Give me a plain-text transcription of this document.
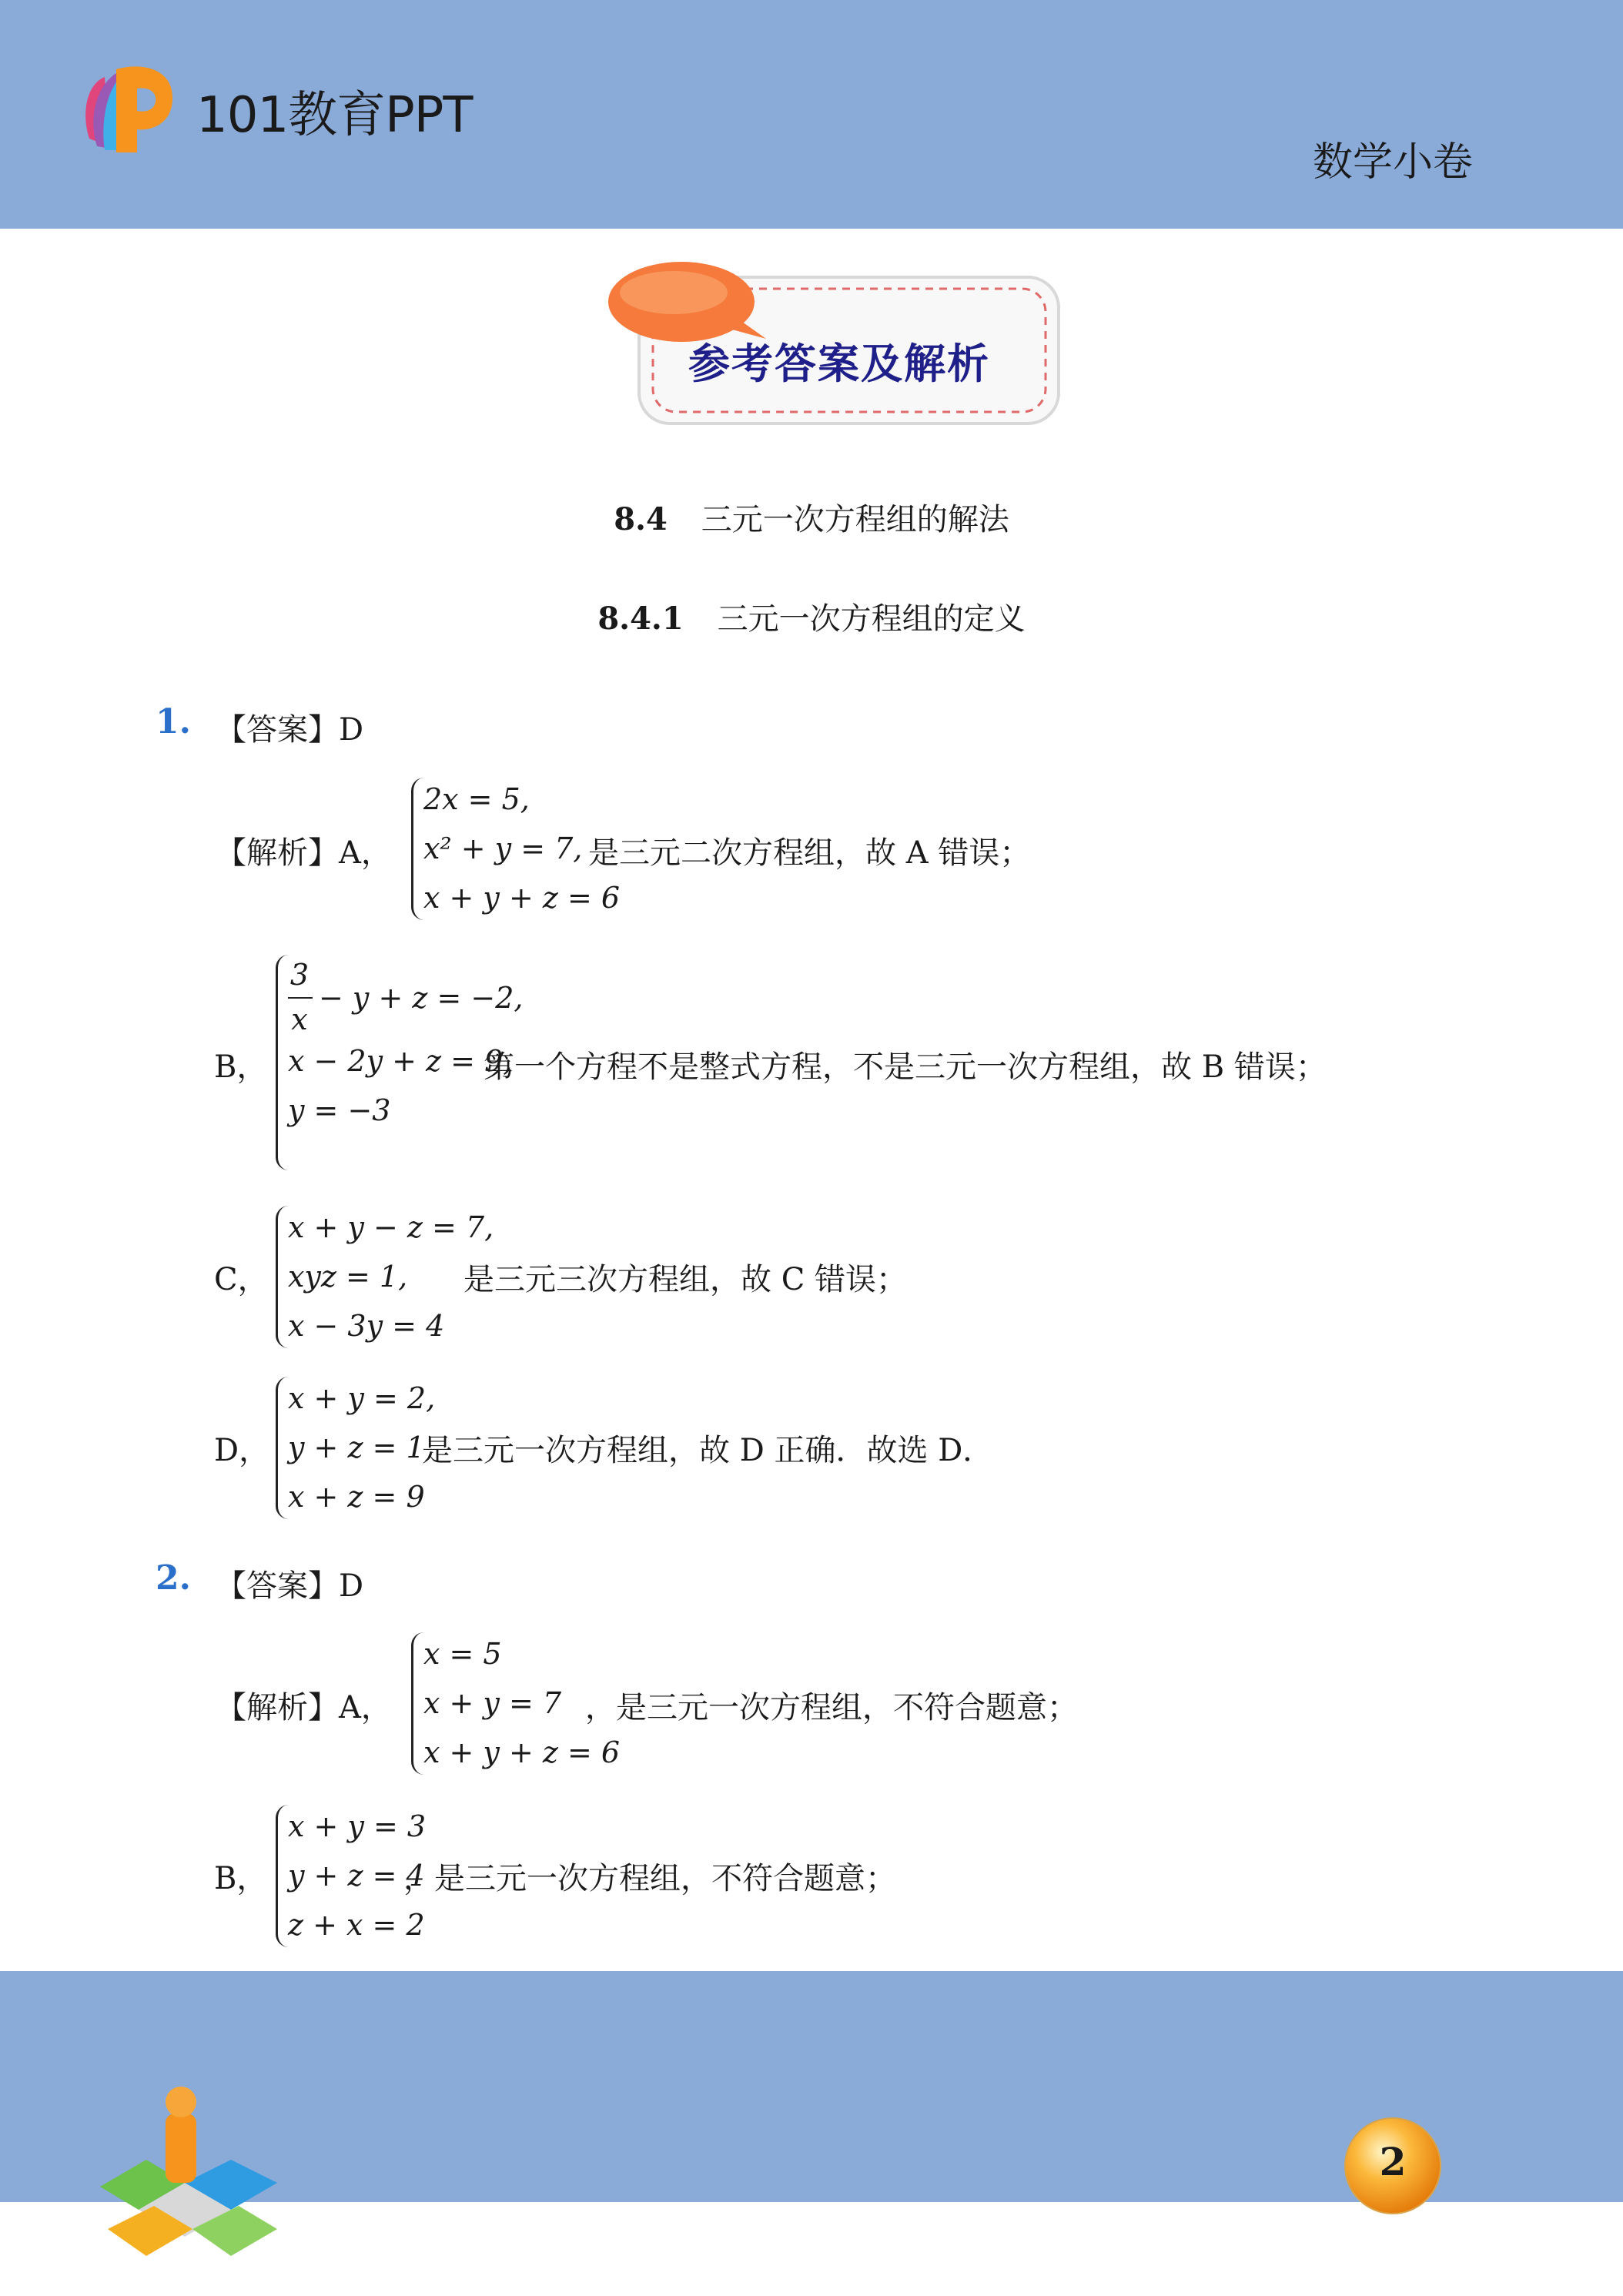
101教育PPT
数学小卷
参考答案及解析
8.4 三元一次方程组的解法
8.4.1 三元一次方程组的定义
1. 【答案】D
【解析】A，
2x = 5,
x² + y = 7,
x + y + z = 6
是三元二次方程组，故 A 错误；
B，
3
x
− y + z = −2,
x − 2y + z = 9,
y = −3
第一个方程不是整式方程，不是三元一次方程组，故 B 错误；
C，
x + y − z = 7,
xyz = 1,
x − 3y = 4
是三元三次方程组，故 C 错误；
D，
x + y = 2,
y + z = 1,
x + z = 9
是三元一次方程组，故 D 正确．故选 D．
2. 【答案】D
【解析】A，
x = 5
x + y = 7
x + y + z = 6
，是三元一次方程组，不符合题意；
B，
x + y = 3
y + z = 4
z + x = 2
，是三元一次方程组，不符合题意；
2
